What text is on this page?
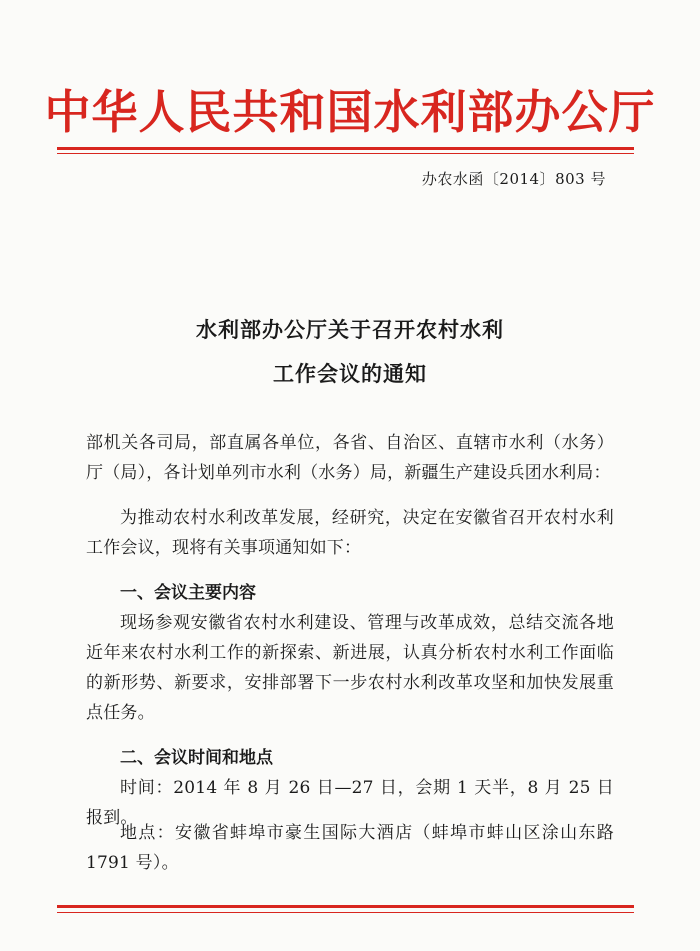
中华人民共和国水利部办公厅
办农水函〔2014〕803 号
水利部办公厅关于召开农村水利
工作会议的通知
部机关各司局，部直属各单位，各省、自治区、直辖市水利（水务）厅（局），各计划单列市水利（水务）局，新疆生产建设兵团水利局：
为推动农村水利改革发展，经研究，决定在安徽省召开农村水利工作会议，现将有关事项通知如下：
一、会议主要内容
现场参观安徽省农村水利建设、管理与改革成效，总结交流各地近年来农村水利工作的新探索、新进展，认真分析农村水利工作面临的新形势、新要求，安排部署下一步农村水利改革攻坚和加快发展重点任务。
二、会议时间和地点
时间：2014 年 8 月 26 日—27 日，会期 1 天半，8 月 25 日报到。
地点：安徽省蚌埠市豪生国际大酒店（蚌埠市蚌山区涂山东路 1791 号）。
